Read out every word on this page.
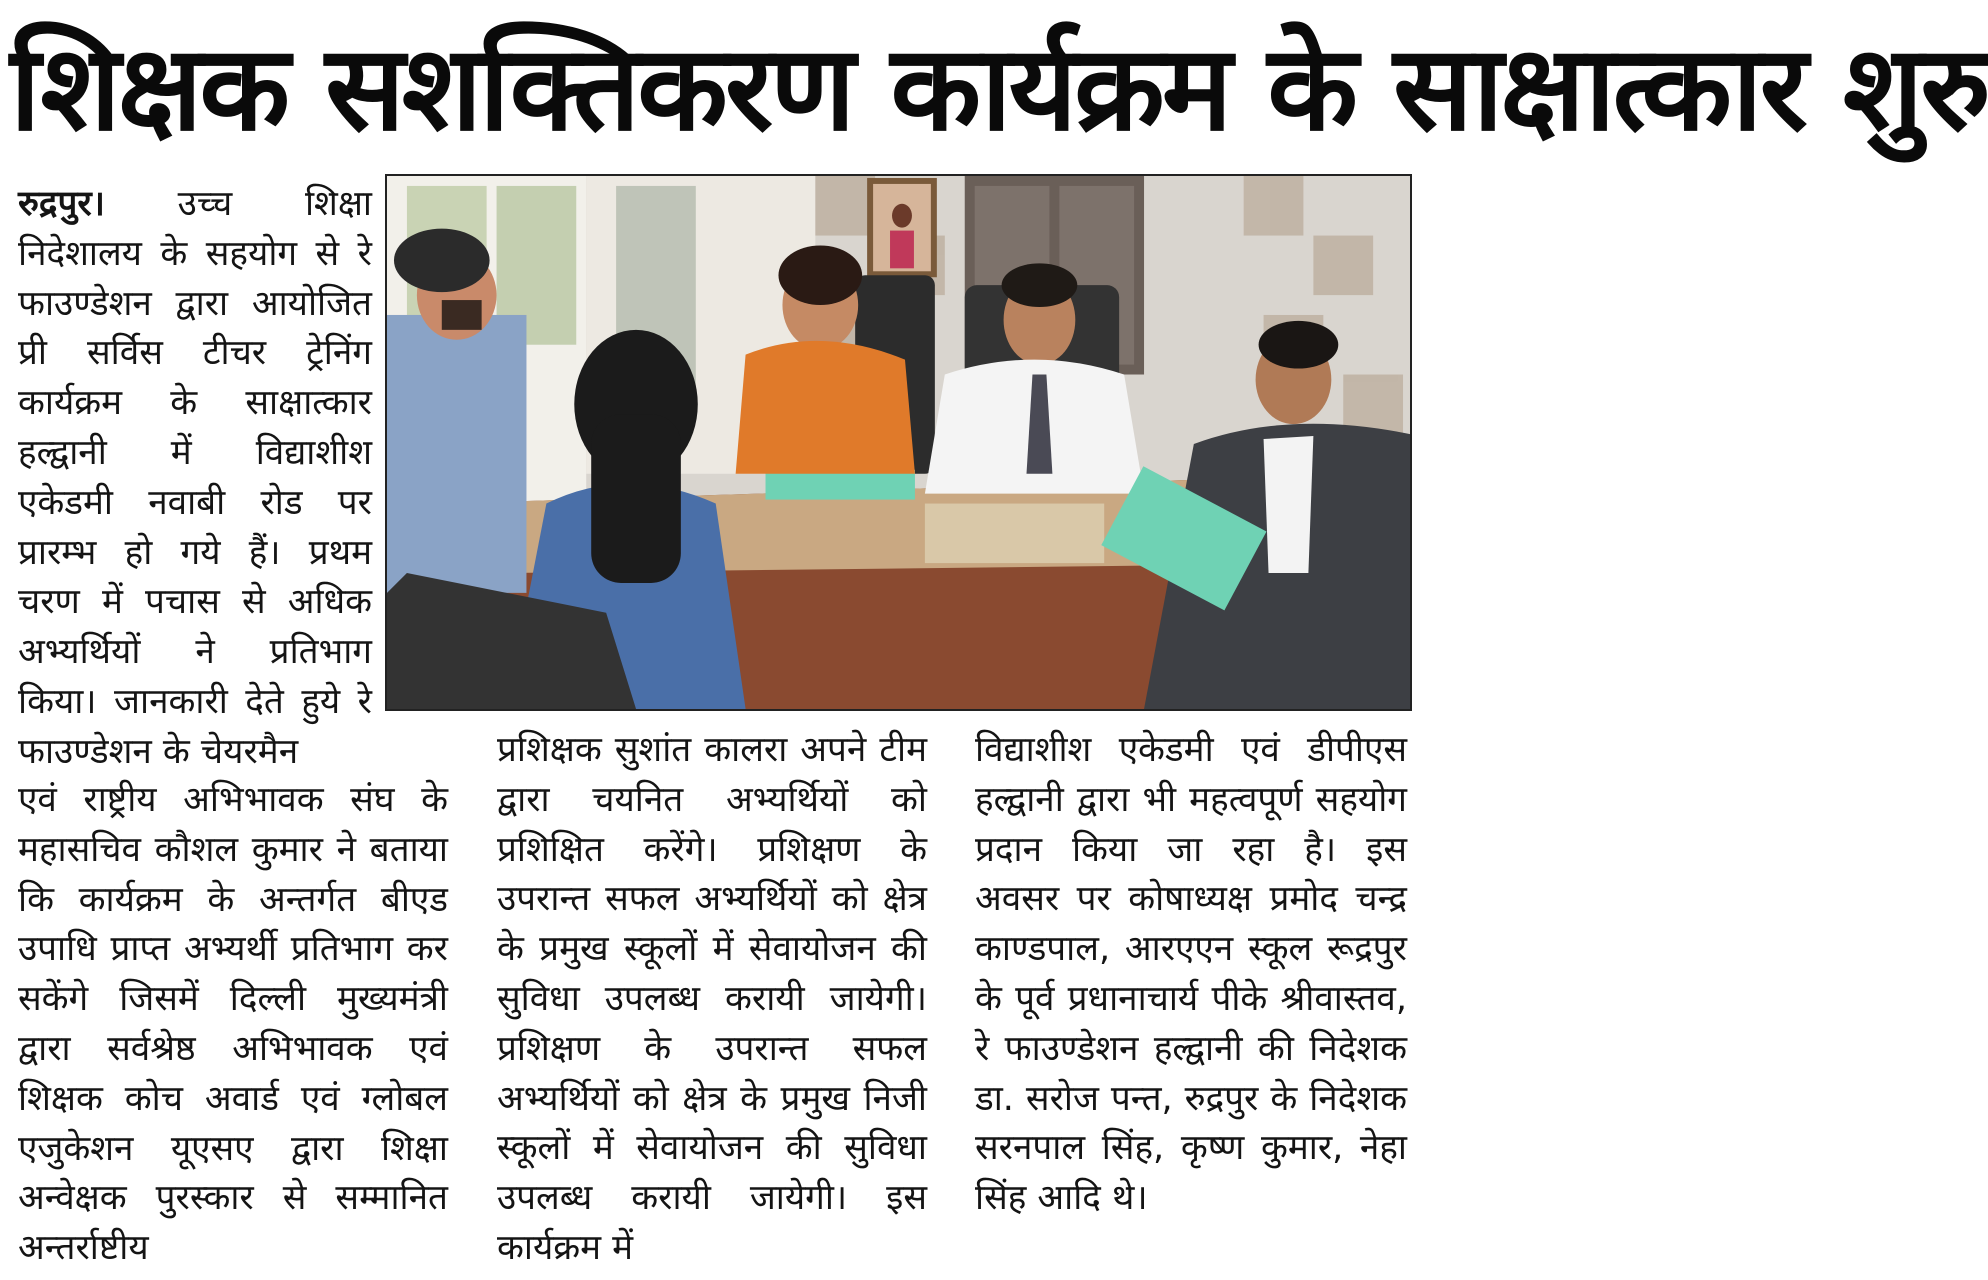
शिक्षक सशक्तिकरण कार्यक्रम के साक्षात्कार शुरु

रुद्रपुर। उच्च शिक्षा निदेशालय के सहयोग से रे फाउण्डेशन द्वारा आयोजित प्री सर्विस टीचर ट्रेनिंग कार्यक्रम के साक्षात्कार हल्द्वानी में विद्याशीश एकेडमी नवाबी रोड पर प्रारम्भ हो गये हैं। प्रथम चरण में पचास से अधिक अभ्यर्थियों ने प्रतिभाग किया। जानकारी देते हुये रे फाउण्डेशन के चेयरमैन

एवं राष्ट्रीय अभिभावक संघ के महासचिव कौशल कुमार ने बताया कि कार्यक्रम के अन्तर्गत बीएड उपाधि प्राप्त अभ्यर्थी प्रतिभाग कर सकेंगे जिसमें दिल्ली मुख्यमंत्री द्वारा सर्वश्रेष्ठ अभिभावक एवं शिक्षक कोच अवार्ड एवं ग्लोबल एजुकेशन यूएसए द्वारा शिक्षा अन्वेक्षक पुरस्कार से सम्मानित अन्तर्राष्टीय

प्रशिक्षक सुशांत कालरा अपने टीम द्वारा चयनित अभ्यर्थियों को प्रशिक्षित करेंगे। प्रशिक्षण के उपरान्त सफल अभ्यर्थियों को क्षेत्र के प्रमुख स्कूलों में सेवायोजन की सुविधा उपलब्ध करायी जायेगी। प्रशिक्षण के उपरान्त सफल अभ्यर्थियों को क्षेत्र के प्रमुख निजी स्कूलों में सेवायोजन की सुविधा उपलब्ध करायी जायेगी। इस कार्यक्रम में

विद्याशीश एकेडमी एवं डीपीएस हल्द्वानी द्वारा भी महत्वपूर्ण सहयोग प्रदान किया जा रहा है। इस अवसर पर कोषाध्यक्ष प्रमोद चन्द्र काण्डपाल, आरएएन स्कूल रूद्रपुर के पूर्व प्रधानाचार्य पीके श्रीवास्तव, रे फाउण्डेशन हल्द्वानी की निदेशक डा. सरोज पन्त, रुद्रपुर के निदेशक सरनपाल सिंह, कृष्ण कुमार, नेहा सिंह आदि थे।
